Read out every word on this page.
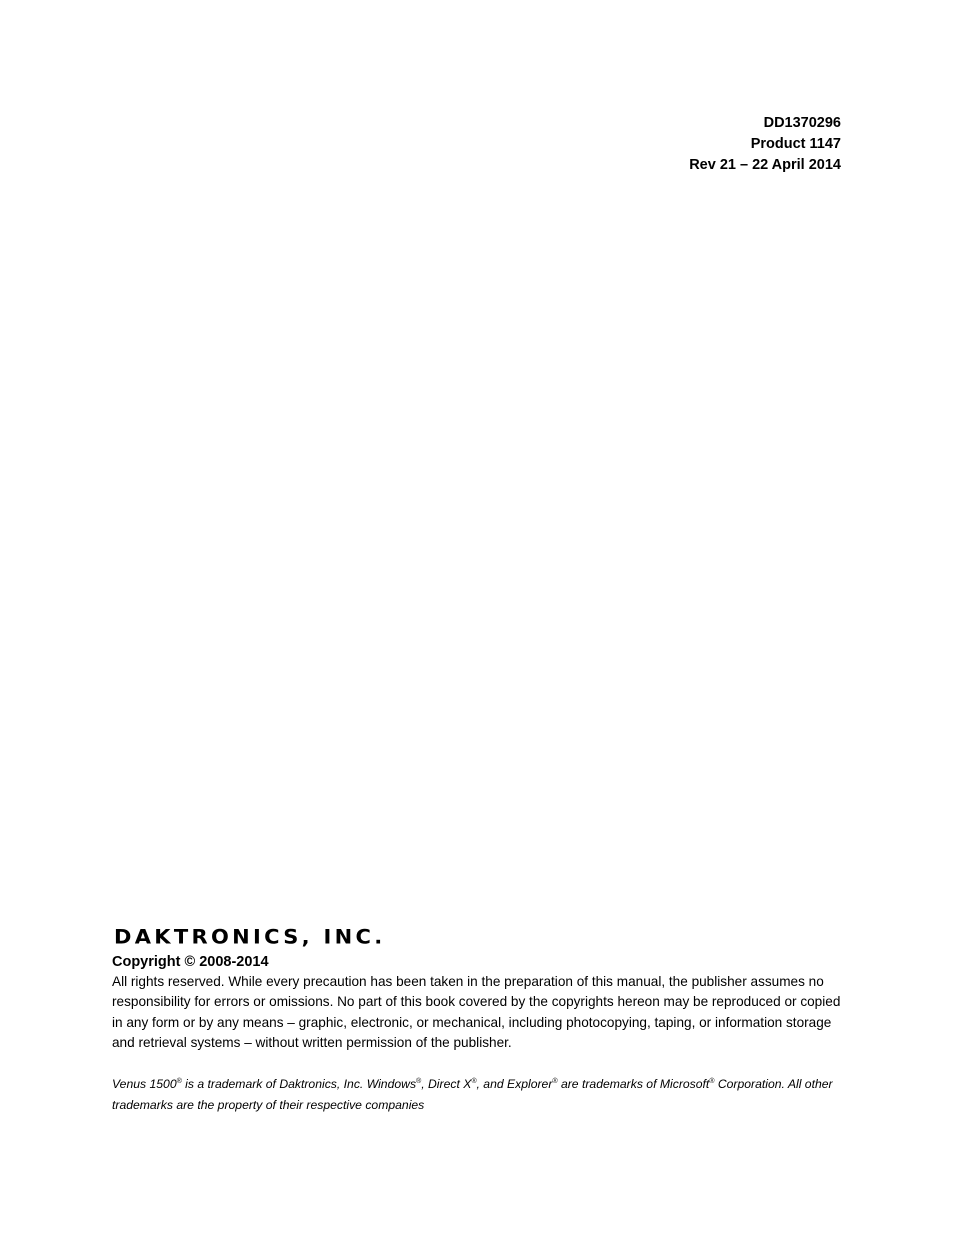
DD1370296
Product 1147
Rev 21 – 22 April 2014
DAKTRONICS, INC.

Copyright © 2008-2014

All rights reserved. While every precaution has been taken in the preparation of this manual, the publisher assumes no responsibility for errors or omissions. No part of this book covered by the copyrights hereon may be reproduced or copied in any form or by any means – graphic, electronic, or mechanical, including photocopying, taping, or information storage and retrieval systems – without written permission of the publisher.

Venus 1500® is a trademark of Daktronics, Inc. Windows®, Direct X®, and Explorer® are trademarks of Microsoft® Corporation. All other trademarks are the property of their respective companies
